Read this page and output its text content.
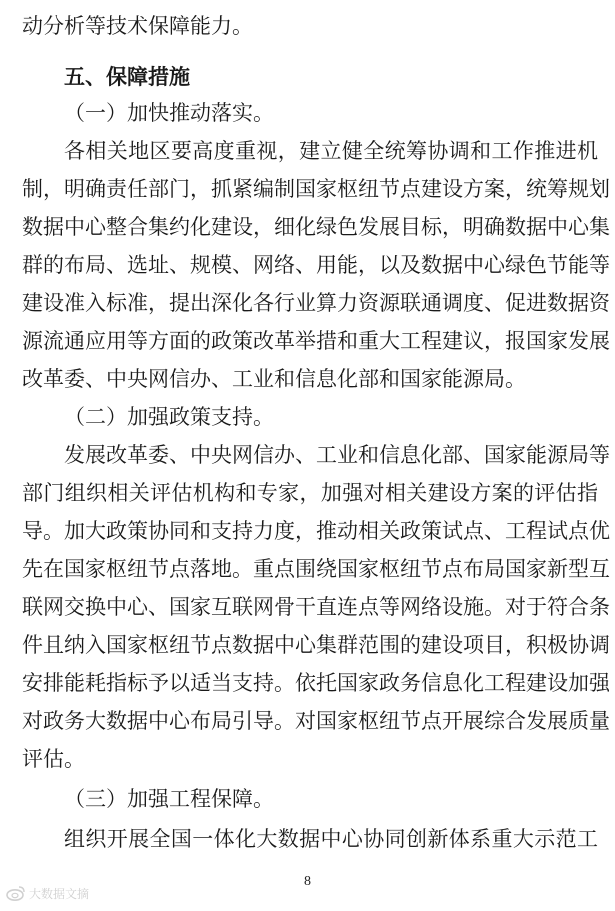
动分析等技术保障能力。
五、保障措施
（一）加快推动落实。
各相关地区要高度重视，建立健全统筹协调和工作推进机
制，明确责任部门，抓紧编制国家枢纽节点建设方案，统筹规划
数据中心整合集约化建设，细化绿色发展目标，明确数据中心集
群的布局、选址、规模、网络、用能，以及数据中心绿色节能等
建设准入标准，提出深化各行业算力资源联通调度、促进数据资
源流通应用等方面的政策改革举措和重大工程建议，报国家发展
改革委、中央网信办、工业和信息化部和国家能源局。
（二）加强政策支持。
发展改革委、中央网信办、工业和信息化部、国家能源局等
部门组织相关评估机构和专家，加强对相关建设方案的评估指
导。加大政策协同和支持力度，推动相关政策试点、工程试点优
先在国家枢纽节点落地。重点围绕国家枢纽节点布局国家新型互
联网交换中心、国家互联网骨干直连点等网络设施。对于符合条
件且纳入国家枢纽节点数据中心集群范围的建设项目，积极协调
安排能耗指标予以适当支持。依托国家政务信息化工程建设加强
对政务大数据中心布局引导。对国家枢纽节点开展综合发展质量
评估。
（三）加强工程保障。
组织开展全国一体化大数据中心协同创新体系重大示范工
8
大数据文摘
